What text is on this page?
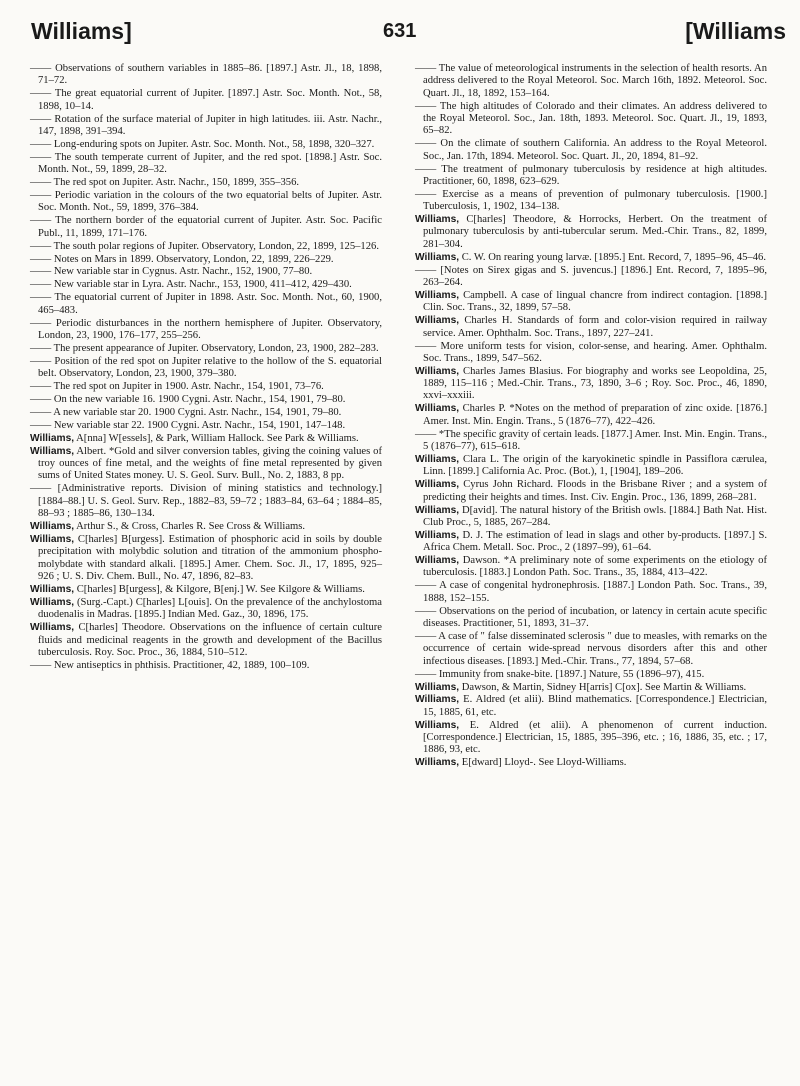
Williams]	631	[Williams

—— Observations of southern variables in 1885–86. [1897.] Astr. Jl., 18, 1898, 71–72.

—— The great equatorial current of Jupiter. [1897.] Astr. Soc. Month. Not., 58, 1898, 10–14.

—— Rotation of the surface material of Jupiter in high latitudes. iii. Astr. Nachr., 147, 1898, 391–394.

—— Long-enduring spots on Jupiter. Astr. Soc. Month. Not., 58, 1898, 320–327.

—— The south temperate current of Jupiter, and the red spot. [1898.] Astr. Soc. Month. Not., 59, 1899, 28–32.

—— The red spot on Jupiter. Astr. Nachr., 150, 1899, 355–356.

—— Periodic variation in the colours of the two equatorial belts of Jupiter. Astr. Soc. Month. Not., 59, 1899, 376–384.

—— The northern border of the equatorial current of Jupiter. Astr. Soc. Pacific Publ., 11, 1899, 171–176.

—— The south polar regions of Jupiter. Observatory, London, 22, 1899, 125–126.

—— Notes on Mars in 1899. Observatory, London, 22, 1899, 226–229.

—— New variable star in Cygnus. Astr. Nachr., 152, 1900, 77–80.

—— New variable star in Lyra. Astr. Nachr., 153, 1900, 411–412, 429–430.

—— The equatorial current of Jupiter in 1898. Astr. Soc. Month. Not., 60, 1900, 465–483.

—— Periodic disturbances in the northern hemisphere of Jupiter. Observatory, London, 23, 1900, 176–177, 255–256.

—— The present appearance of Jupiter. Observatory, London, 23, 1900, 282–283.

—— Position of the red spot on Jupiter relative to the hollow of the S. equatorial belt. Observatory, London, 23, 1900, 379–380.

—— The red spot on Jupiter in 1900. Astr. Nachr., 154, 1901, 73–76.

—— On the new variable 16. 1900 Cygni. Astr. Nachr., 154, 1901, 79–80.

—— A new variable star 20. 1900 Cygni. Astr. Nachr., 154, 1901, 79–80.

—— New variable star 22. 1900 Cygni. Astr. Nachr., 154, 1901, 147–148.

Williams, A[nna] W[essels], & Park, William Hallock. See Park & Williams.

Williams, Albert. *Gold and silver conversion tables, giving the coining values of troy ounces of fine metal, and the weights of fine metal represented by given sums of United States money. U. S. Geol. Surv. Bull., No. 2, 1883, 8 pp.

—— [Administrative reports. Division of mining statistics and technology.] [1884–88.] U. S. Geol. Surv. Rep., 1882–83, 59–72 ; 1883–84, 63–64 ; 1884–85, 88–93 ; 1885–86, 130–134.

Williams, Arthur S., & Cross, Charles R. See Cross & Williams.

Williams, C[harles] B[urgess]. Estimation of phosphoric acid in soils by double precipitation with molybdic solution and titration of the ammonium phospho-molybdate with standard alkali. [1895.] Amer. Chem. Soc. Jl., 17, 1895, 925–926 ; U. S. Div. Chem. Bull., No. 47, 1896, 82–83.

Williams, C[harles] B[urgess], & Kilgore, B[enj.] W. See Kilgore & Williams.

Williams, (Surg.-Capt.) C[harles] L[ouis]. On the prevalence of the anchylostoma duodenalis in Madras. [1895.] Indian Med. Gaz., 30, 1896, 175.

Williams, C[harles] Theodore. Observations on the influence of certain culture fluids and medicinal reagents in the growth and development of the Bacillus tuberculosis. Roy. Soc. Proc., 36, 1884, 510–512.

—— New antiseptics in phthisis. Practitioner, 42, 1889, 100–109.

—— The value of meteorological instruments in the selection of health resorts. An address delivered to the Royal Meteorol. Soc. March 16th, 1892. Meteorol. Soc. Quart. Jl., 18, 1892, 153–164.

—— The high altitudes of Colorado and their climates. An address delivered to the Royal Meteorol. Soc., Jan. 18th, 1893. Meteorol. Soc. Quart. Jl., 19, 1893, 65–82.

—— On the climate of southern California. An address to the Royal Meteorol. Soc., Jan. 17th, 1894. Meteorol. Soc. Quart. Jl., 20, 1894, 81–92.

—— The treatment of pulmonary tuberculosis by residence at high altitudes. Practitioner, 60, 1898, 623–629.

—— Exercise as a means of prevention of pulmonary tuberculosis. [1900.] Tuberculosis, 1, 1902, 134–138.

Williams, C[harles] Theodore, & Horrocks, Herbert. On the treatment of pulmonary tuberculosis by anti-tubercular serum. Med.-Chir. Trans., 82, 1899, 281–304.

Williams, C. W. On rearing young larvæ. [1895.] Ent. Record, 7, 1895–96, 45–46.

—— [Notes on Sirex gigas and S. juvencus.] [1896.] Ent. Record, 7, 1895–96, 263–264.

Williams, Campbell. A case of lingual chancre from indirect contagion. [1898.] Clin. Soc. Trans., 32, 1899, 57–58.

Williams, Charles H. Standards of form and color-vision required in railway service. Amer. Ophthalm. Soc. Trans., 1897, 227–241.

—— More uniform tests for vision, color-sense, and hearing. Amer. Ophthalm. Soc. Trans., 1899, 547–562.

Williams, Charles James Blasius. For biography and works see Leopoldina, 25, 1889, 115–116 ; Med.-Chir. Trans., 73, 1890, 3–6 ; Roy. Soc. Proc., 46, 1890, xxvi–xxxiii.

Williams, Charles P. *Notes on the method of preparation of zinc oxide. [1876.] Amer. Inst. Min. Engin. Trans., 5 (1876–77), 422–426.

—— *The specific gravity of certain leads. [1877.] Amer. Inst. Min. Engin. Trans., 5 (1876–77), 615–618.

Williams, Clara L. The origin of the karyokinetic spindle in Passiflora cærulea, Linn. [1899.] California Ac. Proc. (Bot.), 1, [1904], 189–206.

Williams, Cyrus John Richard. Floods in the Brisbane River ; and a system of predicting their heights and times. Inst. Civ. Engin. Proc., 136, 1899, 268–281.

Williams, D[avid]. The natural history of the British owls. [1884.] Bath Nat. Hist. Club Proc., 5, 1885, 267–284.

Williams, D. J. The estimation of lead in slags and other by-products. [1897.] S. Africa Chem. Metall. Soc. Proc., 2 (1897–99), 61–64.

Williams, Dawson. *A preliminary note of some experiments on the etiology of tuberculosis. [1883.] London Path. Soc. Trans., 35, 1884, 413–422.

—— A case of congenital hydronephrosis. [1887.] London Path. Soc. Trans., 39, 1888, 152–155.

—— Observations on the period of incubation, or latency in certain acute specific diseases. Practitioner, 51, 1893, 31–37.

—— A case of " false disseminated sclerosis " due to measles, with remarks on the occurrence of certain wide-spread nervous disorders after this and other infectious diseases. [1893.] Med.-Chir. Trans., 77, 1894, 57–68.

—— Immunity from snake-bite. [1897.] Nature, 55 (1896–97), 415.

Williams, Dawson, & Martin, Sidney H[arris] C[ox]. See Martin & Williams.

Williams, E. Aldred (et alii). Blind mathematics. [Correspondence.] Electrician, 15, 1885, 61, etc.

Williams, E. Aldred (et alii). A phenomenon of current induction. [Correspondence.] Electrician, 15, 1885, 395–396, etc. ; 16, 1886, 35, etc. ; 17, 1886, 93, etc.

Williams, E[dward] Lloyd-. See Lloyd-Williams.
